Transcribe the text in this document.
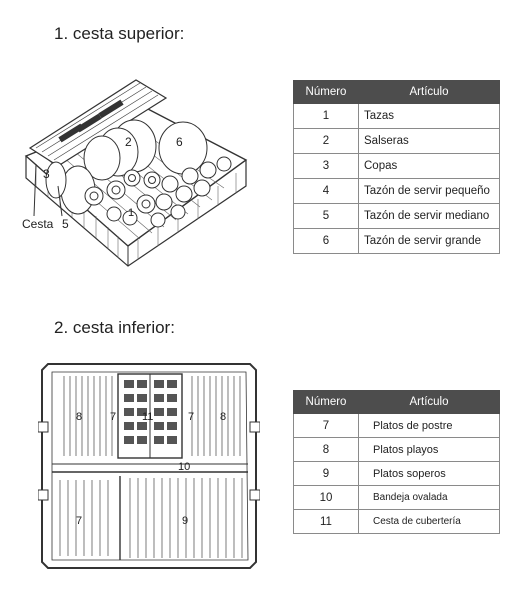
1. cesta superior:
2
3
6
1
Cesta 5
Número	Artículo
1	Tazas
2	Salseras
3	Copas
4	Tazón de servir pequeño
5	Tazón de servir mediano
6	Tazón de servir grande
2. cesta inferior:
8	7 11	7 8
10
7	9
Número	Artículo
7	Platos de postre
8	Platos playos
9	Platos soperos
10	Bandeja ovalada
11	Cesta de cubertería
